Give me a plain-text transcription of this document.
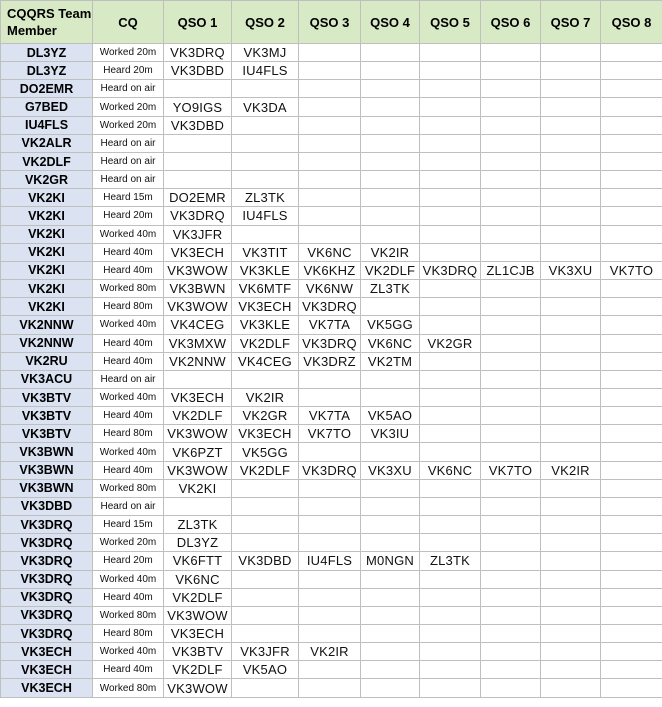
CQQRS Team Member	CQ	QSO 1	QSO 2	QSO 3	QSO 4	QSO 5	QSO 6	QSO 7	QSO 8
DL3YZ	Worked 20m	VK3DRQ	VK3MJ						
DL3YZ	Heard 20m	VK3DBD	IU4FLS						
DO2EMR	Heard on air								
G7BED	Worked 20m	YO9IGS	VK3DA						
IU4FLS	Worked 20m	VK3DBD							
VK2ALR	Heard on air								
VK2DLF	Heard on air								
VK2GR	Heard on air								
VK2KI	Heard 15m	DO2EMR	ZL3TK						
VK2KI	Heard 20m	VK3DRQ	IU4FLS						
VK2KI	Worked 40m	VK3JFR							
VK2KI	Heard 40m	VK3ECH	VK3TIT	VK6NC	VK2IR				
VK2KI	Heard 40m	VK3WOW	VK3KLE	VK6KHZ	VK2DLF	VK3DRQ	ZL1CJB	VK3XU	VK7TO
VK2KI	Worked 80m	VK3BWN	VK6MTF	VK6NW	ZL3TK				
VK2KI	Heard 80m	VK3WOW	VK3ECH	VK3DRQ					
VK2NNW	Worked 40m	VK4CEG	VK3KLE	VK7TA	VK5GG				
VK2NNW	Heard 40m	VK3MXW	VK2DLF	VK3DRQ	VK6NC	VK2GR			
VK2RU	Heard 40m	VK2NNW	VK4CEG	VK3DRZ	VK2TM				
VK3ACU	Heard on air								
VK3BTV	Worked 40m	VK3ECH	VK2IR						
VK3BTV	Heard 40m	VK2DLF	VK2GR	VK7TA	VK5AO				
VK3BTV	Heard 80m	VK3WOW	VK3ECH	VK7TO	VK3IU				
VK3BWN	Worked 40m	VK6PZT	VK5GG						
VK3BWN	Heard 40m	VK3WOW	VK2DLF	VK3DRQ	VK3XU	VK6NC	VK7TO	VK2IR	
VK3BWN	Worked 80m	VK2KI							
VK3DBD	Heard on air								
VK3DRQ	Heard 15m	ZL3TK							
VK3DRQ	Worked 20m	DL3YZ							
VK3DRQ	Heard 20m	VK6FTT	VK3DBD	IU4FLS	M0NGN	ZL3TK			
VK3DRQ	Worked 40m	VK6NC							
VK3DRQ	Heard 40m	VK2DLF							
VK3DRQ	Worked 80m	VK3WOW							
VK3DRQ	Heard 80m	VK3ECH							
VK3ECH	Worked 40m	VK3BTV	VK3JFR	VK2IR					
VK3ECH	Heard 40m	VK2DLF	VK5AO						
VK3ECH	Worked 80m	VK3WOW							
